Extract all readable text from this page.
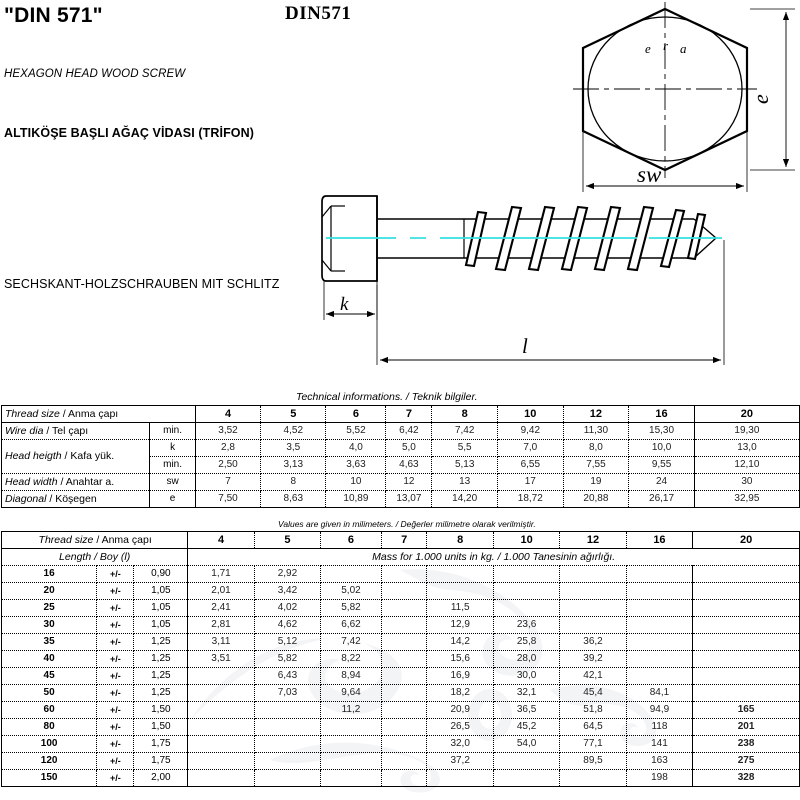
"DIN 571"	DIN571
HEXAGON HEAD WOOD SCREW
ALTIKÖŞE BAŞLI AĞAÇ VİDASI (TRİFON)
SECHSKANT-HOLZSCHRAUBEN MIT SCHLITZ
e r a
e
sw
k
l
Technical informations. / Teknik bilgiler.
Thread size / Anma çapı		4	5	6	7	8	10	12	16	20
Wire dia / Tel çapı	min.	3,52	4,52	5,52	6,42	7,42	9,42	11,30	15,30	19,30
Head heigth / Kafa yük.	k	2,8	3,5	4,0	5,0	5,5	7,0	8,0	10,0	13,0
	min.	2,50	3,13	3,63	4,63	5,13	6,55	7,55	9,55	12,10
Head width / Anahtar a.	sw	7	8	10	12	13	17	19	24	30
Diagonal / Köşegen	e	7,50	8,63	10,89	13,07	14,20	18,72	20,88	26,17	32,95
Values are given in milimeters. / Değerler milimetre olarak verilmiştir.
Thread size / Anma çapı			4	5	6	7	8	10	12	16	20
Length / Boy (l)			Mass for 1.000 units in kg. / 1.000 Tanesinin ağırlığı.								
16	+/-	0,90	1,71	2,92							
20	+/-	1,05	2,01	3,42	5,02						
25	+/-	1,05	2,41	4,02	5,82		11,5				
30	+/-	1,05	2,81	4,62	6,62		12,9	23,6			
35	+/-	1,25	3,11	5,12	7,42		14,2	25,8	36,2		
40	+/-	1,25	3,51	5,82	8,22		15,6	28,0	39,2		
45	+/-	1,25		6,43	8,94		16,9	30,0	42,1		
50	+/-	1,25		7,03	9,64		18,2	32,1	45,4	84,1	
60	+/-	1,50			11,2		20,9	36,5	51,8	94,9	165
80	+/-	1,50					26,5	45,2	64,5	118	201
100	+/-	1,75					32,0	54,0	77,1	141	238
120	+/-	1,75					37,2		89,5	163	275
150	+/-	2,00								198	328
